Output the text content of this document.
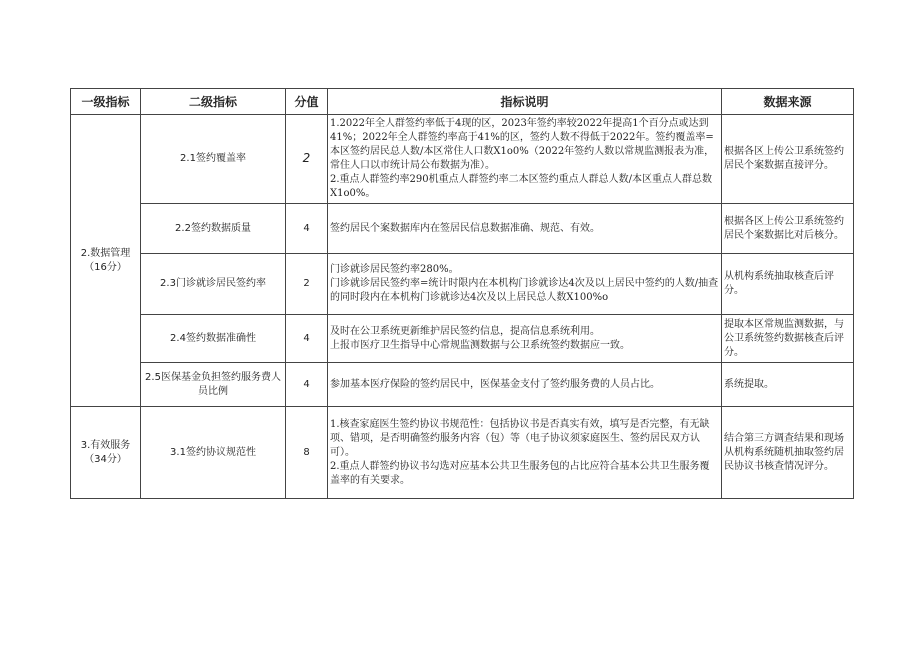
一级指标	二级指标	分值	指标说明	数据来源
2.数据管理（16分）	2.1签约覆盖率	2	1.2022年全人群签约率低于4现的区，2023年签约率较2022年提高1个百分点或达到41%；2022年全人群签约率高于41%的区，签约人数不得低于2022年。签约覆盖率=本区签约居民总人数/本区常住人口数X1o0%（2022年签约人数以常规监测报表为准，常住人口以市统计局公布数据为准）。
2.重点人群签约率290机重点人群签约率二本区签约重点人群总人数/本区重点人群总数X1o0%。	根据各区上传公卫系统签约居民个案数据直接评分。
	2.2签约数据质量	4	签约居民个案数据库内在签居民信息数据准确、规范、有效。	根据各区上传公卫系统签约居民个案数据比对后核分。
	2.3门诊就诊居民签约率	2	门诊就诊居民签约率280%。
门诊就诊居民签约率=统计时限内在本机构门诊就诊达4次及以上居民中签约的人数/抽查的同时段内在本机构门诊就诊达4次及以上居民总人数X100%o	从机构系统抽取核查后评分。
	2.4签约数据准确性	4	及时在公卫系统更新维护居民签约信息，提高信息系统利用。
上报市医疗卫生指导中心常规监测数据与公卫系统签约数据应一致。	提取本区常规监测数据，与公卫系统签约数据核查后评分。
	2.5医保基金负担签约服务费人员比例	4	参加基本医疗保险的签约居民中，医保基金支付了签约服务费的人员占比。	系统提取。
3.有效服务（34分）	3.1签约协议规范性	8	1.核查家庭医生签约协议书规范性：包括协议书是否真实有效，填写是否完整，有无缺项、错项，是否明确签约服务内容（包）等（电子协议须家庭医生、签约居民双方认可）。
2.重点人群签约协议书勾选对应基本公共卫生服务包的占比应符合基本公共卫生服务覆盖率的有关要求。	结合第三方调查结果和现场从机构系统随机抽取签约居民协议书核查情况评分。
